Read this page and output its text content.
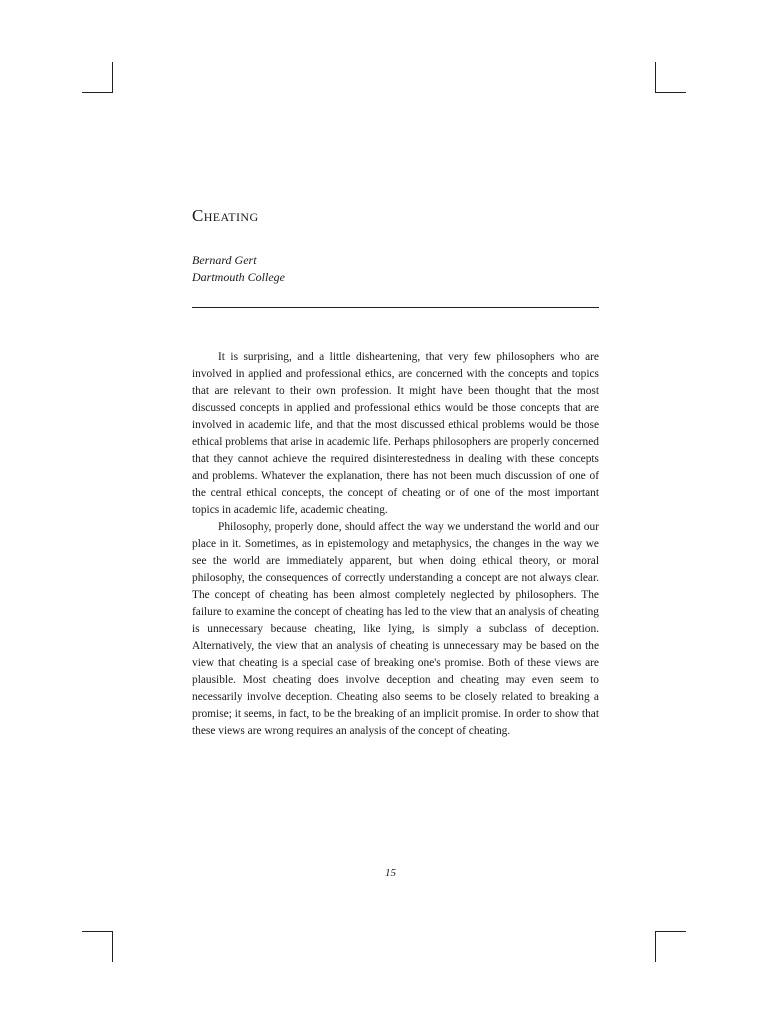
Cheating
Bernard Gert
Dartmouth College

It is surprising, and a little disheartening, that very few philosophers who are involved in applied and professional ethics, are concerned with the concepts and topics that are relevant to their own profession. It might have been thought that the most discussed concepts in applied and professional ethics would be those concepts that are involved in academic life, and that the most discussed ethical problems would be those ethical problems that arise in academic life. Perhaps philosophers are properly concerned that they cannot achieve the required disinterestedness in dealing with these concepts and problems. Whatever the explanation, there has not been much discussion of one of the central ethical concepts, the concept of cheating or of one of the most important topics in academic life, academic cheating.

Philosophy, properly done, should affect the way we understand the world and our place in it. Sometimes, as in epistemology and metaphysics, the changes in the way we see the world are immediately apparent, but when doing ethical theory, or moral philosophy, the consequences of correctly understanding a concept are not always clear. The concept of cheating has been almost completely neglected by philosophers. The failure to examine the concept of cheating has led to the view that an analysis of cheating is unnecessary because cheating, like lying, is simply a subclass of deception. Alternatively, the view that an analysis of cheating is unnecessary may be based on the view that cheating is a special case of breaking one's promise. Both of these views are plausible. Most cheating does involve deception and cheating may even seem to necessarily involve deception. Cheating also seems to be closely related to breaking a promise; it seems, in fact, to be the breaking of an implicit promise. In order to show that these views are wrong requires an analysis of the concept of cheating.

15
